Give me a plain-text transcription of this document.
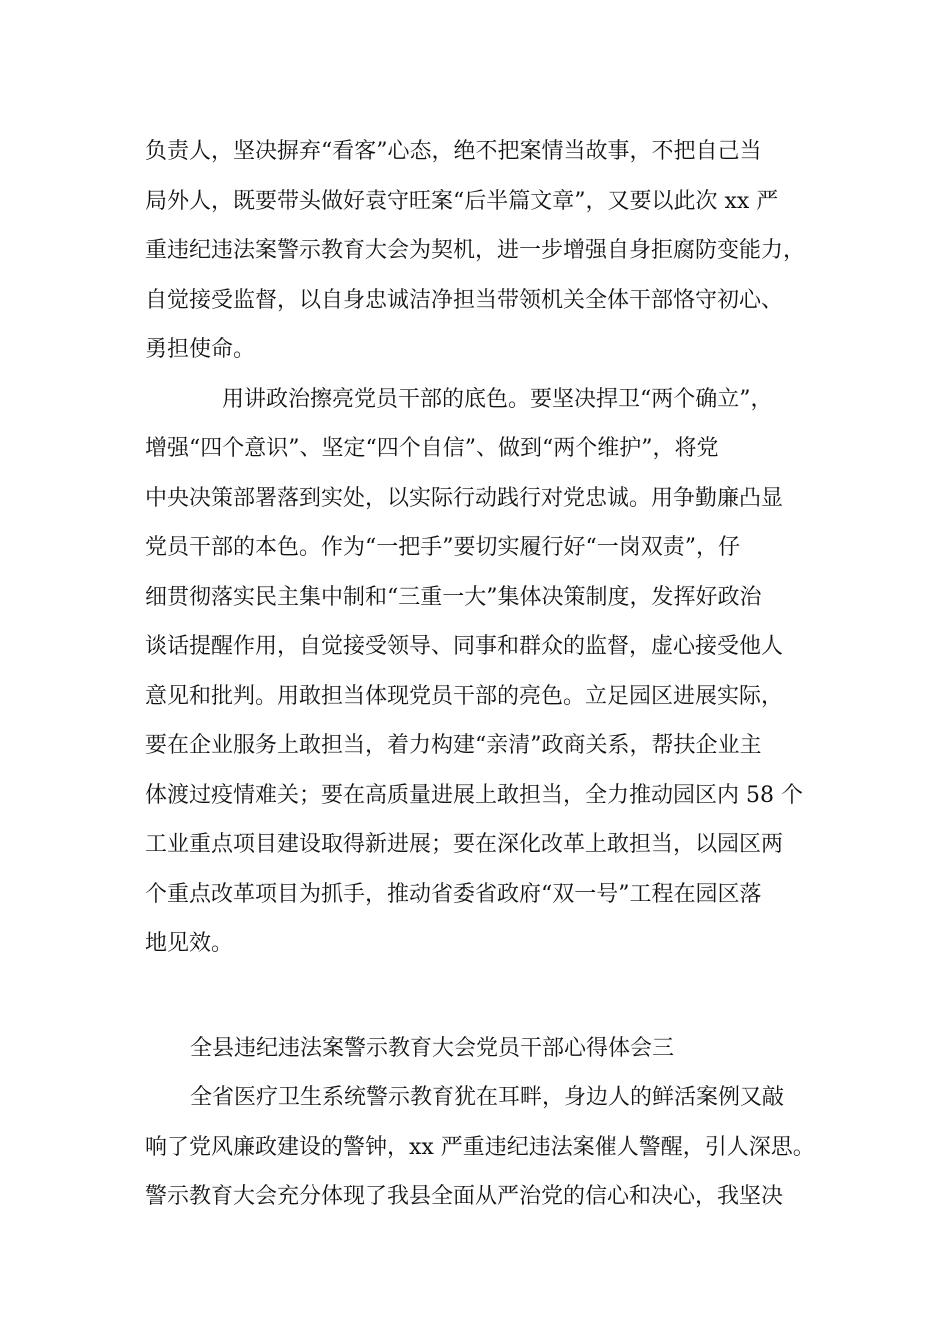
负责人，坚决摒弃“看客”心态，绝不把案情当故事，不把自己当
局外人，既要带头做好袁守旺案“后半篇文章”，又要以此次 xx 严
重违纪违法案警示教育大会为契机，进一步增强自身拒腐防变能力，
自觉接受监督，以自身忠诚洁净担当带领机关全体干部恪守初心、
勇担使命。
用讲政治擦亮党员干部的底色。要坚决捍卫“两个确立”，
增强“四个意识”、坚定“四个自信”、做到“两个维护”，将党
中央决策部署落到实处，以实际行动践行对党忠诚。用争勤廉凸显
党员干部的本色。作为“一把手”要切实履行好“一岗双责”，仔
细贯彻落实民主集中制和“三重一大”集体决策制度，发挥好政治
谈话提醒作用，自觉接受领导、同事和群众的监督，虚心接受他人
意见和批判。用敢担当体现党员干部的亮色。立足园区进展实际，
要在企业服务上敢担当，着力构建“亲清”政商关系，帮扶企业主
体渡过疫情难关；要在高质量进展上敢担当，全力推动园区内 58 个
工业重点项目建设取得新进展；要在深化改革上敢担当，以园区两
个重点改革项目为抓手，推动省委省政府“双一号”工程在园区落
地见效。
全县违纪违法案警示教育大会党员干部心得体会三
全省医疗卫生系统警示教育犹在耳畔，身边人的鲜活案例又敲
响了党风廉政建设的警钟，xx 严重违纪违法案催人警醒，引人深思。
警示教育大会充分体现了我县全面从严治党的信心和决心，我坚决
